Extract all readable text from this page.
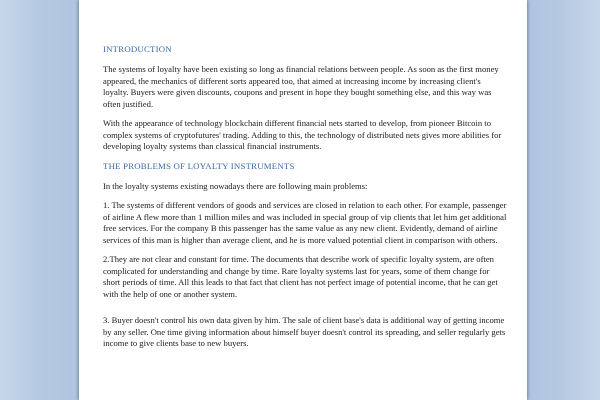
INTRODUCTION
The systems of loyalty have been existing so long as financial relations between people. As soon as the first money appeared, the mechanics of different sorts appeared too, that aimed at increasing income by increasing client's loyalty. Buyers were given discounts, coupons and present in hope they bought something else, and this way was often justified.
With the appearance of technology blockchain different financial nets started to develop, from pioneer Bitcoin to complex systems of cryptofutures' trading. Adding to this, the technology of distributed nets gives more abilities for developing loyalty systems than classical financial instruments.
THE PROBLEMS OF LOYALTY INSTRUMENTS
In the loyalty systems existing nowadays there are following main problems:
1. The systems of different vendors of goods and services are closed in relation to each other. For example, passenger of airline A flew more than 1 million miles and was included in special group of vip clients that let him get additional free services. For the company B this passenger has the same value as any new client. Evidently, demand of airline services of this man is higher than average client, and he is more valued potential client in comparison with others.
2.They are not clear and constant for time. The documents that describe work of specific loyalty system, are often complicated for understanding and change by time. Rare loyalty systems last for years, some of them change for short periods of time. All this leads to that fact that client has not perfect image of potential income, that he can get with the help of one or another system.
3. Buyer doesn't control his own data given by him. The sale of client base's data is additional way of getting income by any seller. One time giving information about himself buyer doesn't control its spreading, and seller regularly gets income to give clients base to new buyers.
